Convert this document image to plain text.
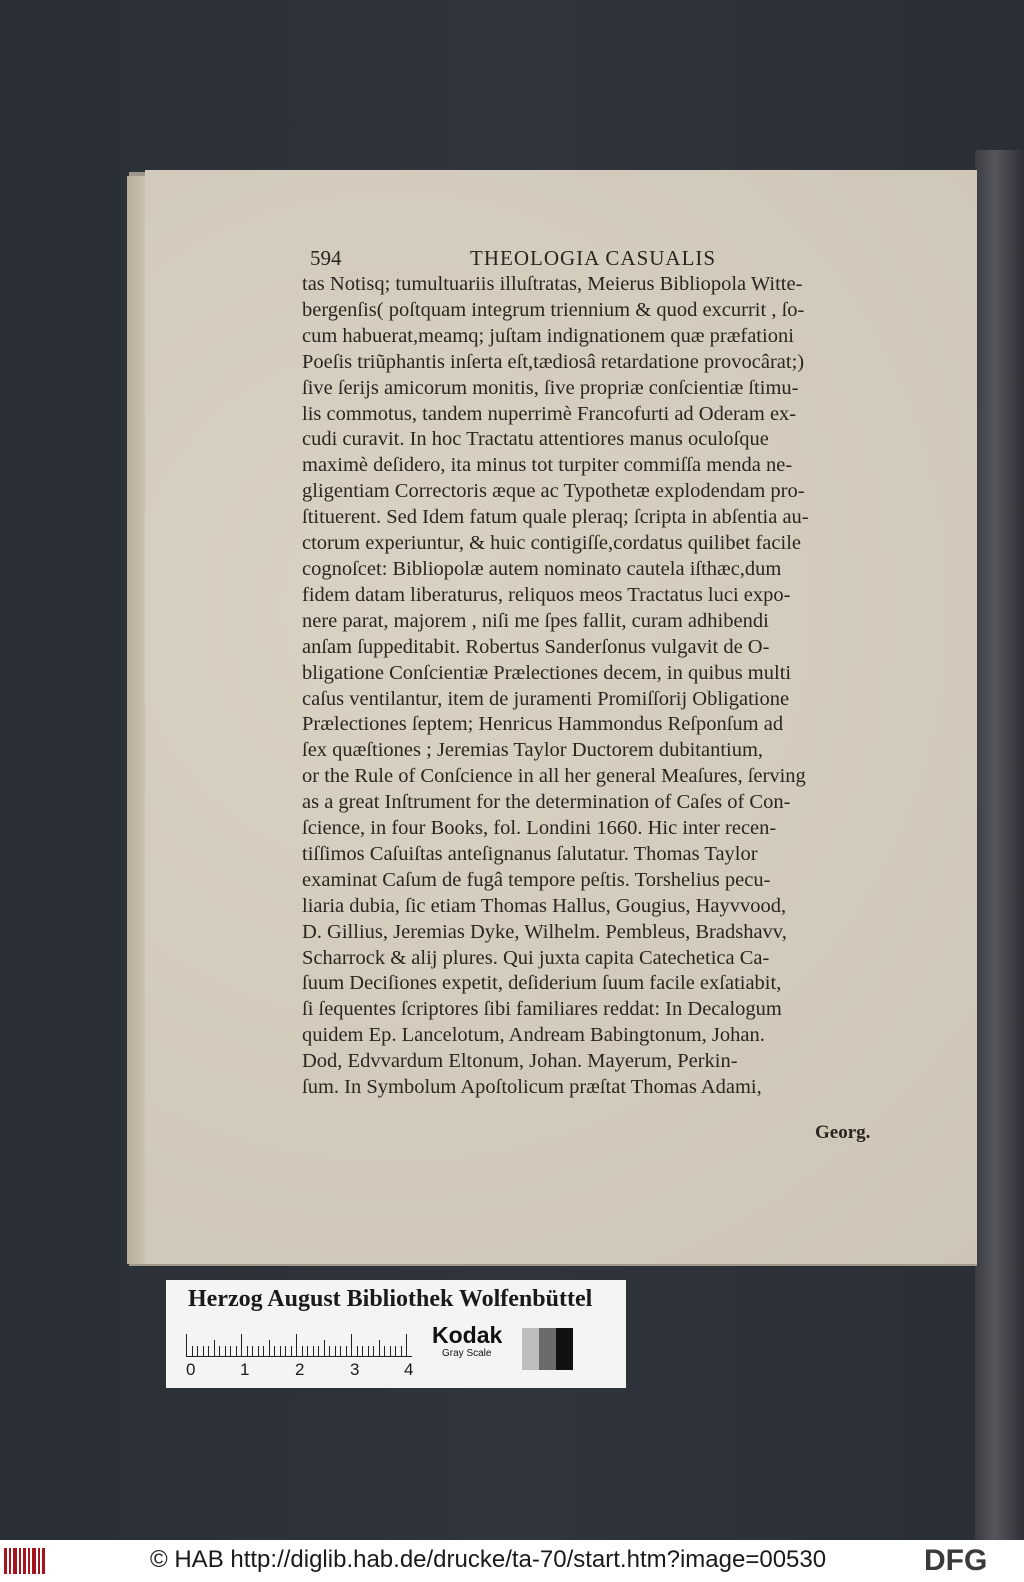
594	THEOLOGIA CASUALIS
tas Notisq; tumultuariis illuſtratas, Meierus Bibliopola Witte-
bergenſis( poſtquam integrum triennium & quod excurrit , ſo-
cum habuerat,meamq; juſtam indignationem quæ præfationi
Poeſis triũphantis inſerta eſt,tædiosâ retardatione provocârat;)
ſive ſerijs amicorum monitis, ſive propriæ conſcientiæ ſtimu-
lis commotus, tandem nuperrimè Francofurti ad Oderam ex-
cudi curavit. In hoc Tractatu attentiores manus oculoſque
maximè deſidero, ita minus tot turpiter commiſſa menda ne-
gligentiam Correctoris æque ac Typothetæ explodendam pro-
ſtituerent. Sed Idem fatum quale pleraq; ſcripta in abſentia au-
ctorum experiuntur, & huic contigiſſe,cordatus quilibet facile
cognoſcet: Bibliopolæ autem nominato cautela iſthæc,dum
fidem datam liberaturus, reliquos meos Tractatus luci expo-
nere parat, majorem , niſi me ſpes fallit, curam adhibendi
anſam ſuppeditabit. Robertus Sanderſonus vulgavit de O-
bligatione Conſcientiæ Prælectiones decem, in quibus multi
caſus ventilantur, item de juramenti Promiſſorij Obligatione
Prælectiones ſeptem; Henricus Hammondus Reſponſum ad
ſex quæſtiones ; Jeremias Taylor Ductorem dubitantium,
or the Rule of Conſcience in all her general Meaſures, ſerving
as a great Inſtrument for the determination of Caſes of Con-
ſcience, in four Books, fol. Londini 1660. Hic inter recen-
tiſſimos Caſuiſtas anteſignanus ſalutatur. Thomas Taylor
examinat Caſum de fugâ tempore peſtis. Torshelius pecu-
liaria dubia, ſic etiam Thomas Hallus, Gougius, Hayvvood,
D. Gillius, Jeremias Dyke, Wilhelm. Pembleus, Bradshavv,
Scharrock & alij plures. Qui juxta capita Catechetica Ca-
ſuum Deciſiones expetit, deſiderium ſuum facile exſatiabit,
ſi ſequentes ſcriptores ſibi familiares reddat: In Decalogum
quidem Ep. Lancelotum, Andream Babingtonum, Johan.
Dod, Edvvardum Eltonum, Johan. Mayerum, Perkin-
ſum. In Symbolum Apoſtolicum præſtat Thomas Adami,
Georg.
Herzog August Bibliothek Wolfenbüttel
0	1	2	3	4
Kodak
Gray Scale
© HAB http://diglib.hab.de/drucke/ta-70/start.htm?image=00530	DFG
